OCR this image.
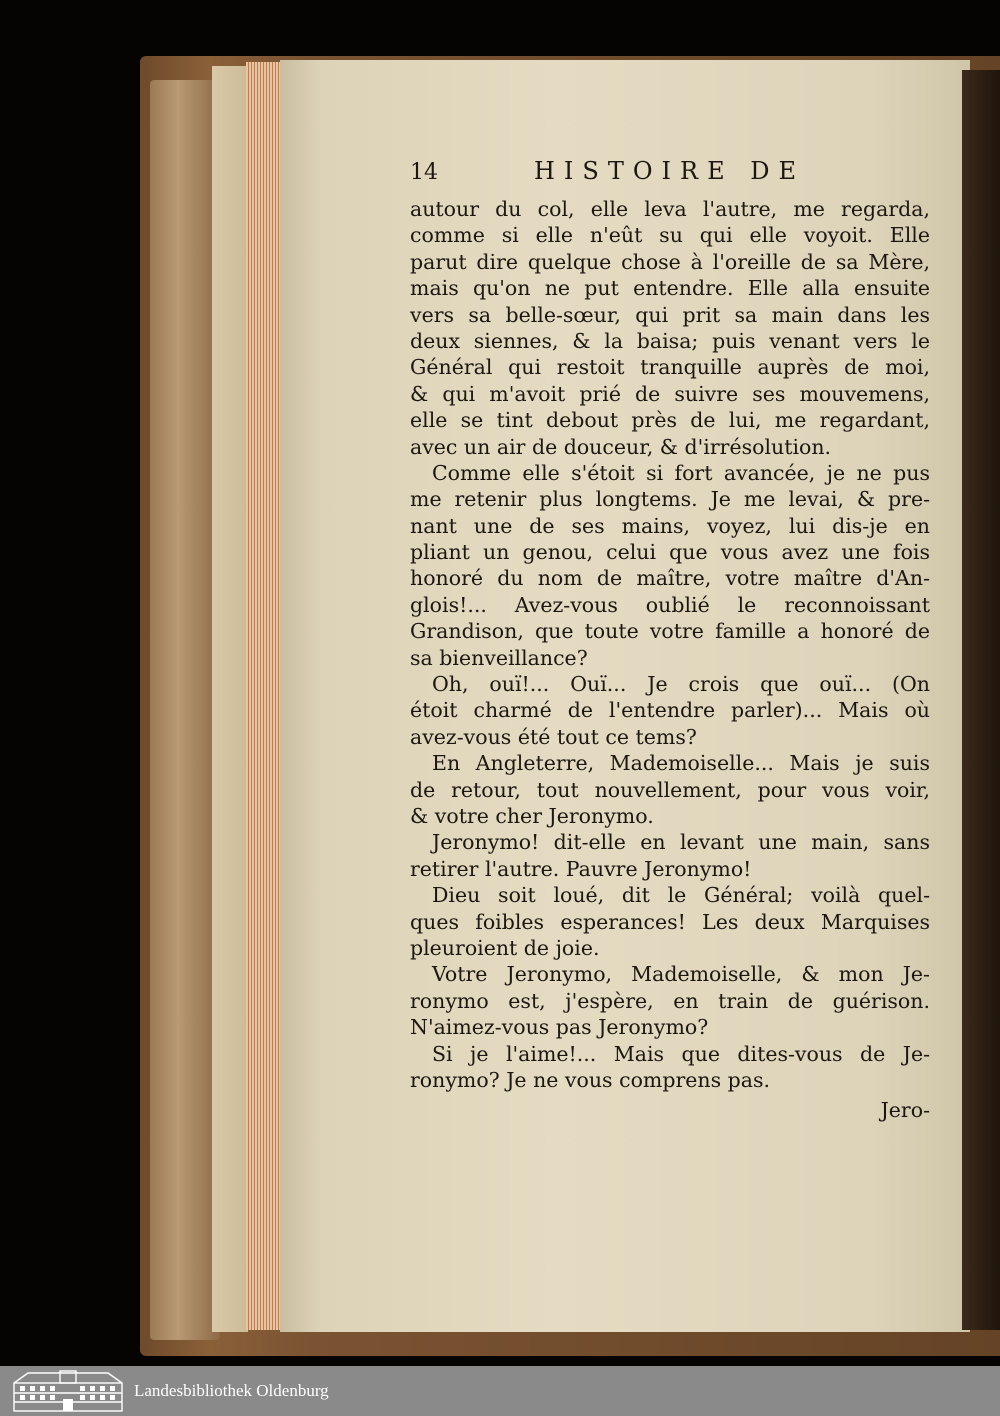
14	HISTOIRE DE
autour du col, elle leva l'autre, me regarda,
comme si elle n'eût su qui elle voyoit. Elle
parut dire quelque chose à l'oreille de sa Mère,
mais qu'on ne put entendre. Elle alla ensuite
vers sa belle-sœur, qui prit sa main dans les
deux siennes, & la baisa; puis venant vers le
Général qui restoit tranquille auprès de moi,
& qui m'avoit prié de suivre ses mouvemens,
elle se tint debout près de lui, me regardant,
avec un air de douceur, & d'irrésolution.
Comme elle s'étoit si fort avancée, je ne pus
me retenir plus longtems. Je me levai, & pre-
nant une de ses mains, voyez, lui dis-je en
pliant un genou, celui que vous avez une fois
honoré du nom de maître, votre maître d'An-
glois!... Avez-vous oublié le reconnoissant
Grandison, que toute votre famille a honoré de
sa bienveillance?
Oh, ouï!... Ouï... Je crois que ouï... (On
étoit charmé de l'entendre parler)... Mais où
avez-vous été tout ce tems?
En Angleterre, Mademoiselle... Mais je suis
de retour, tout nouvellement, pour vous voir,
& votre cher Jeronymo.
Jeronymo! dit-elle en levant une main, sans
retirer l'autre. Pauvre Jeronymo!
Dieu soit loué, dit le Général; voilà quel-
ques foibles esperances! Les deux Marquises
pleuroient de joie.
Votre Jeronymo, Mademoiselle, & mon Je-
ronymo est, j'espère, en train de guérison.
N'aimez-vous pas Jeronymo?
Si je l'aime!... Mais que dites-vous de Je-
ronymo? Je ne vous comprens pas.
Jero-
Landesbibliothek Oldenburg
